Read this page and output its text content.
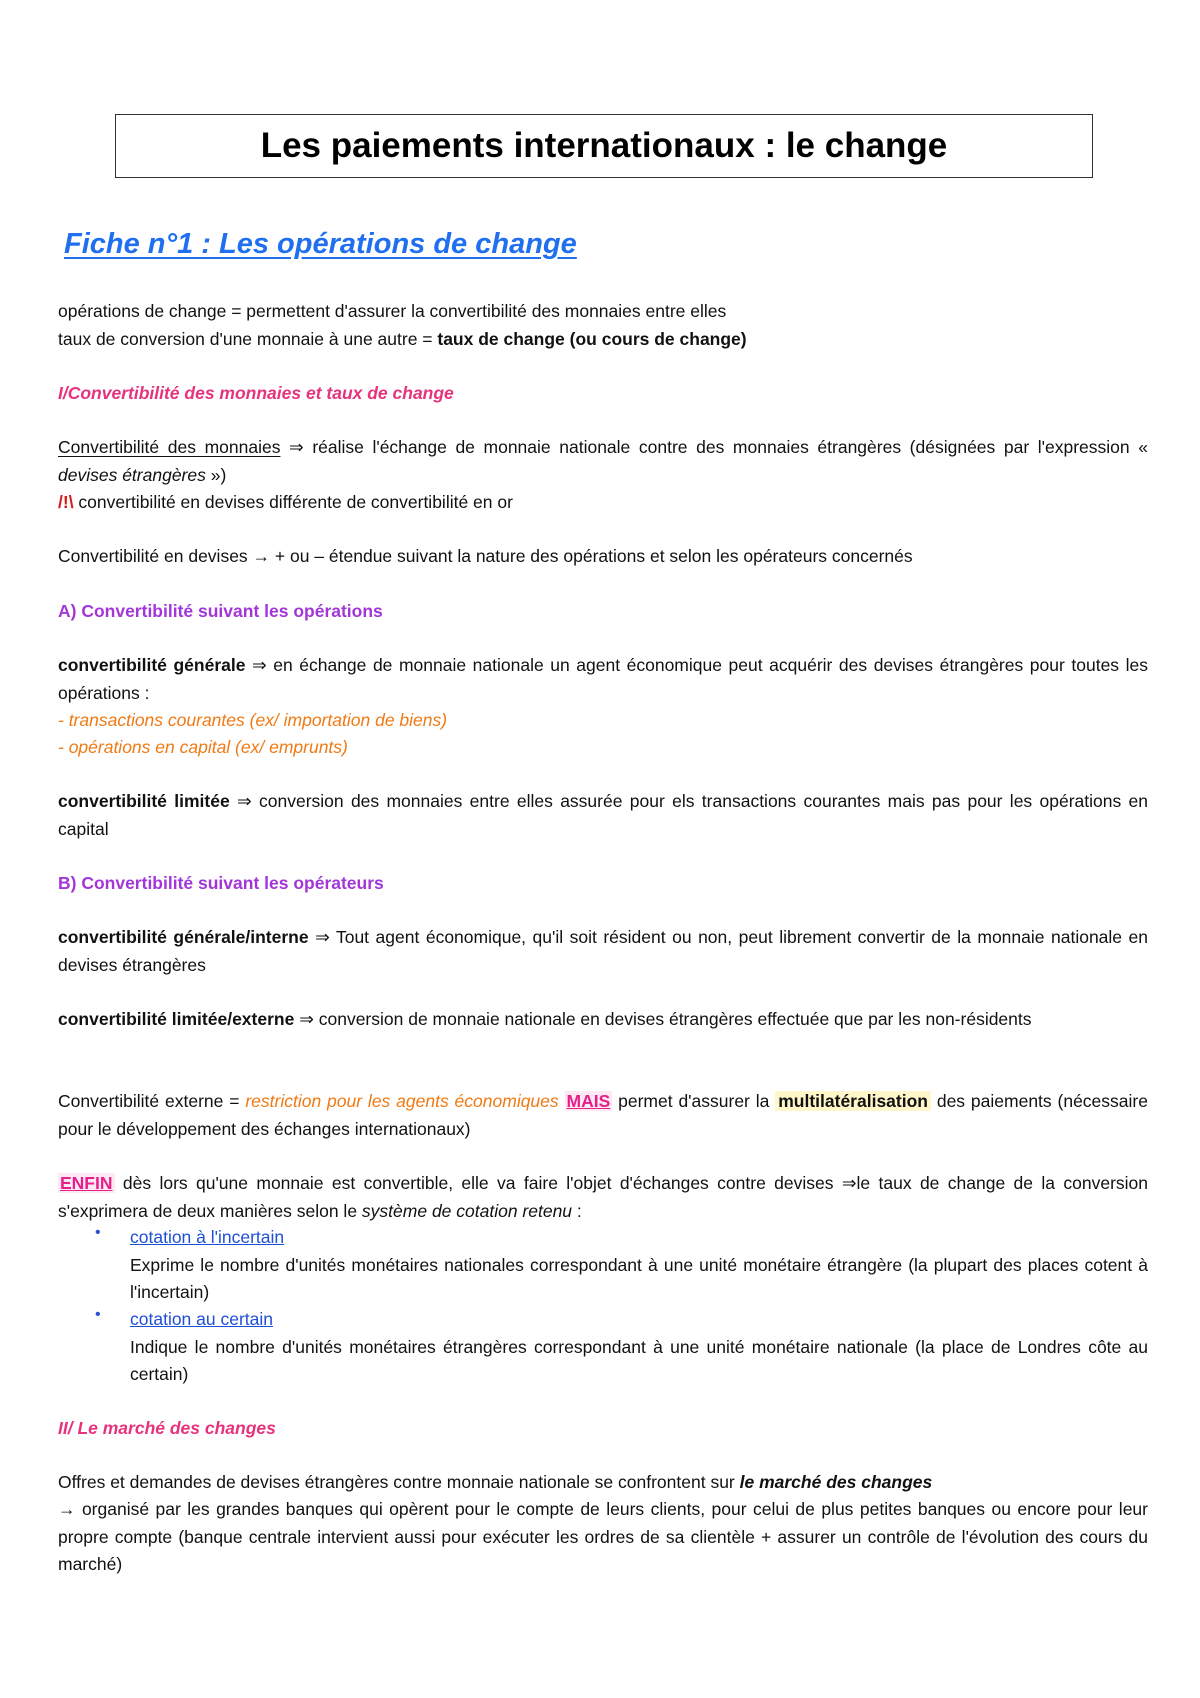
Les paiements internationaux : le change
Fiche n°1 : Les opérations de change
opérations de change = permettent d'assurer la convertibilité des monnaies entre elles
taux de conversion d'une monnaie à une autre = taux de change (ou cours de change)
I/Convertibilité des monnaies et taux de change
Convertibilité des monnaies ⇒ réalise l'échange de monnaie nationale contre des monnaies étrangères (désignées par l'expression « devises étrangères »)
/!\ convertibilité en devises différente de convertibilité en or
Convertibilité en devises → + ou – étendue suivant la nature des opérations et selon les opérateurs concernés
A) Convertibilité suivant les opérations
convertibilité générale ⇒ en échange de monnaie nationale un agent économique peut acquérir des devises étrangères pour toutes les opérations :
- transactions courantes (ex/ importation de biens)
- opérations en capital (ex/ emprunts)
convertibilité limitée ⇒ conversion des monnaies entre elles assurée pour els transactions courantes mais pas pour les opérations en capital
B) Convertibilité suivant les opérateurs
convertibilité générale/interne ⇒ Tout agent économique, qu'il soit résident ou non, peut librement convertir de la monnaie nationale en devises étrangères
convertibilité limitée/externe ⇒ conversion de monnaie nationale en devises étrangères effectuée que par les non-résidents
Convertibilité externe = restriction pour les agents économiques MAIS permet d'assurer la multilatéralisation des paiements (nécessaire pour le développement des échanges internationaux)
ENFIN dès lors qu'une monnaie est convertible, elle va faire l'objet d'échanges contre devises ⇒le taux de change de la conversion s'exprimera de deux manières selon le système de cotation retenu :
• cotation à l'incertain
Exprime le nombre d'unités monétaires nationales correspondant à une unité monétaire étrangère (la plupart des places cotent à l'incertain)
• cotation au certain
Indique le nombre d'unités monétaires étrangères correspondant à une unité monétaire nationale (la place de Londres côte au certain)
II/ Le marché des changes
Offres et demandes de devises étrangères contre monnaie nationale se confrontent sur le marché des changes
→ organisé par les grandes banques qui opèrent pour le compte de leurs clients, pour celui de plus petites banques ou encore pour leur propre compte (banque centrale intervient aussi pour exécuter les ordres de sa clientèle + assurer un contrôle de l'évolution des cours du marché)
